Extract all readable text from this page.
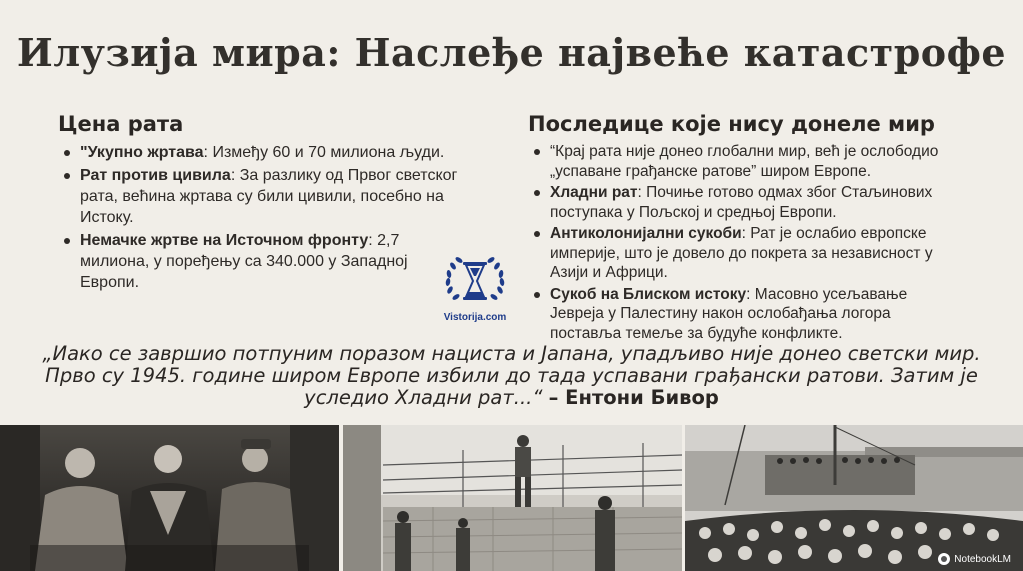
Илузија мира: Наслеђе највеће катастрофе
Цена рата
"Укупно жртава: Између 60 и 70 милиона људи.
Рат против цивила: За разлику од Првог светског рата, већина жртава су били цивили, посебно на Истоку.
Немачке жртве на Источном фронту: 2,7 милиона, у поређењу са 340.000 у Западној Европи.
Последице које нису донеле мир
“Крај рата није донео глобални мир, већ је ослободио „успаване грађанске ратове” широм Европе.
Хладни рат: Почиње готово одмах због Стаљинових поступака у Пољској и средњој Европи.
Антиколонијални сукоби: Рат је ослабио европске империје, што је довело до покрета за независност у Азији и Африци.
Сукоб на Блиском истоку: Масовно усељавање Јевреја у Палестину након ослобађања логора поставља темеље за будуће конфликте.
Vistorija.com
„Иако се завршио потпуним поразом нациста и Јапана, упадљиво није донео светски мир. Прво су 1945. године широм Европе избили до тада успавани грађански ратови. Затим је уследио Хладни рат...“ – Ентони Бивор
NotebookLM
